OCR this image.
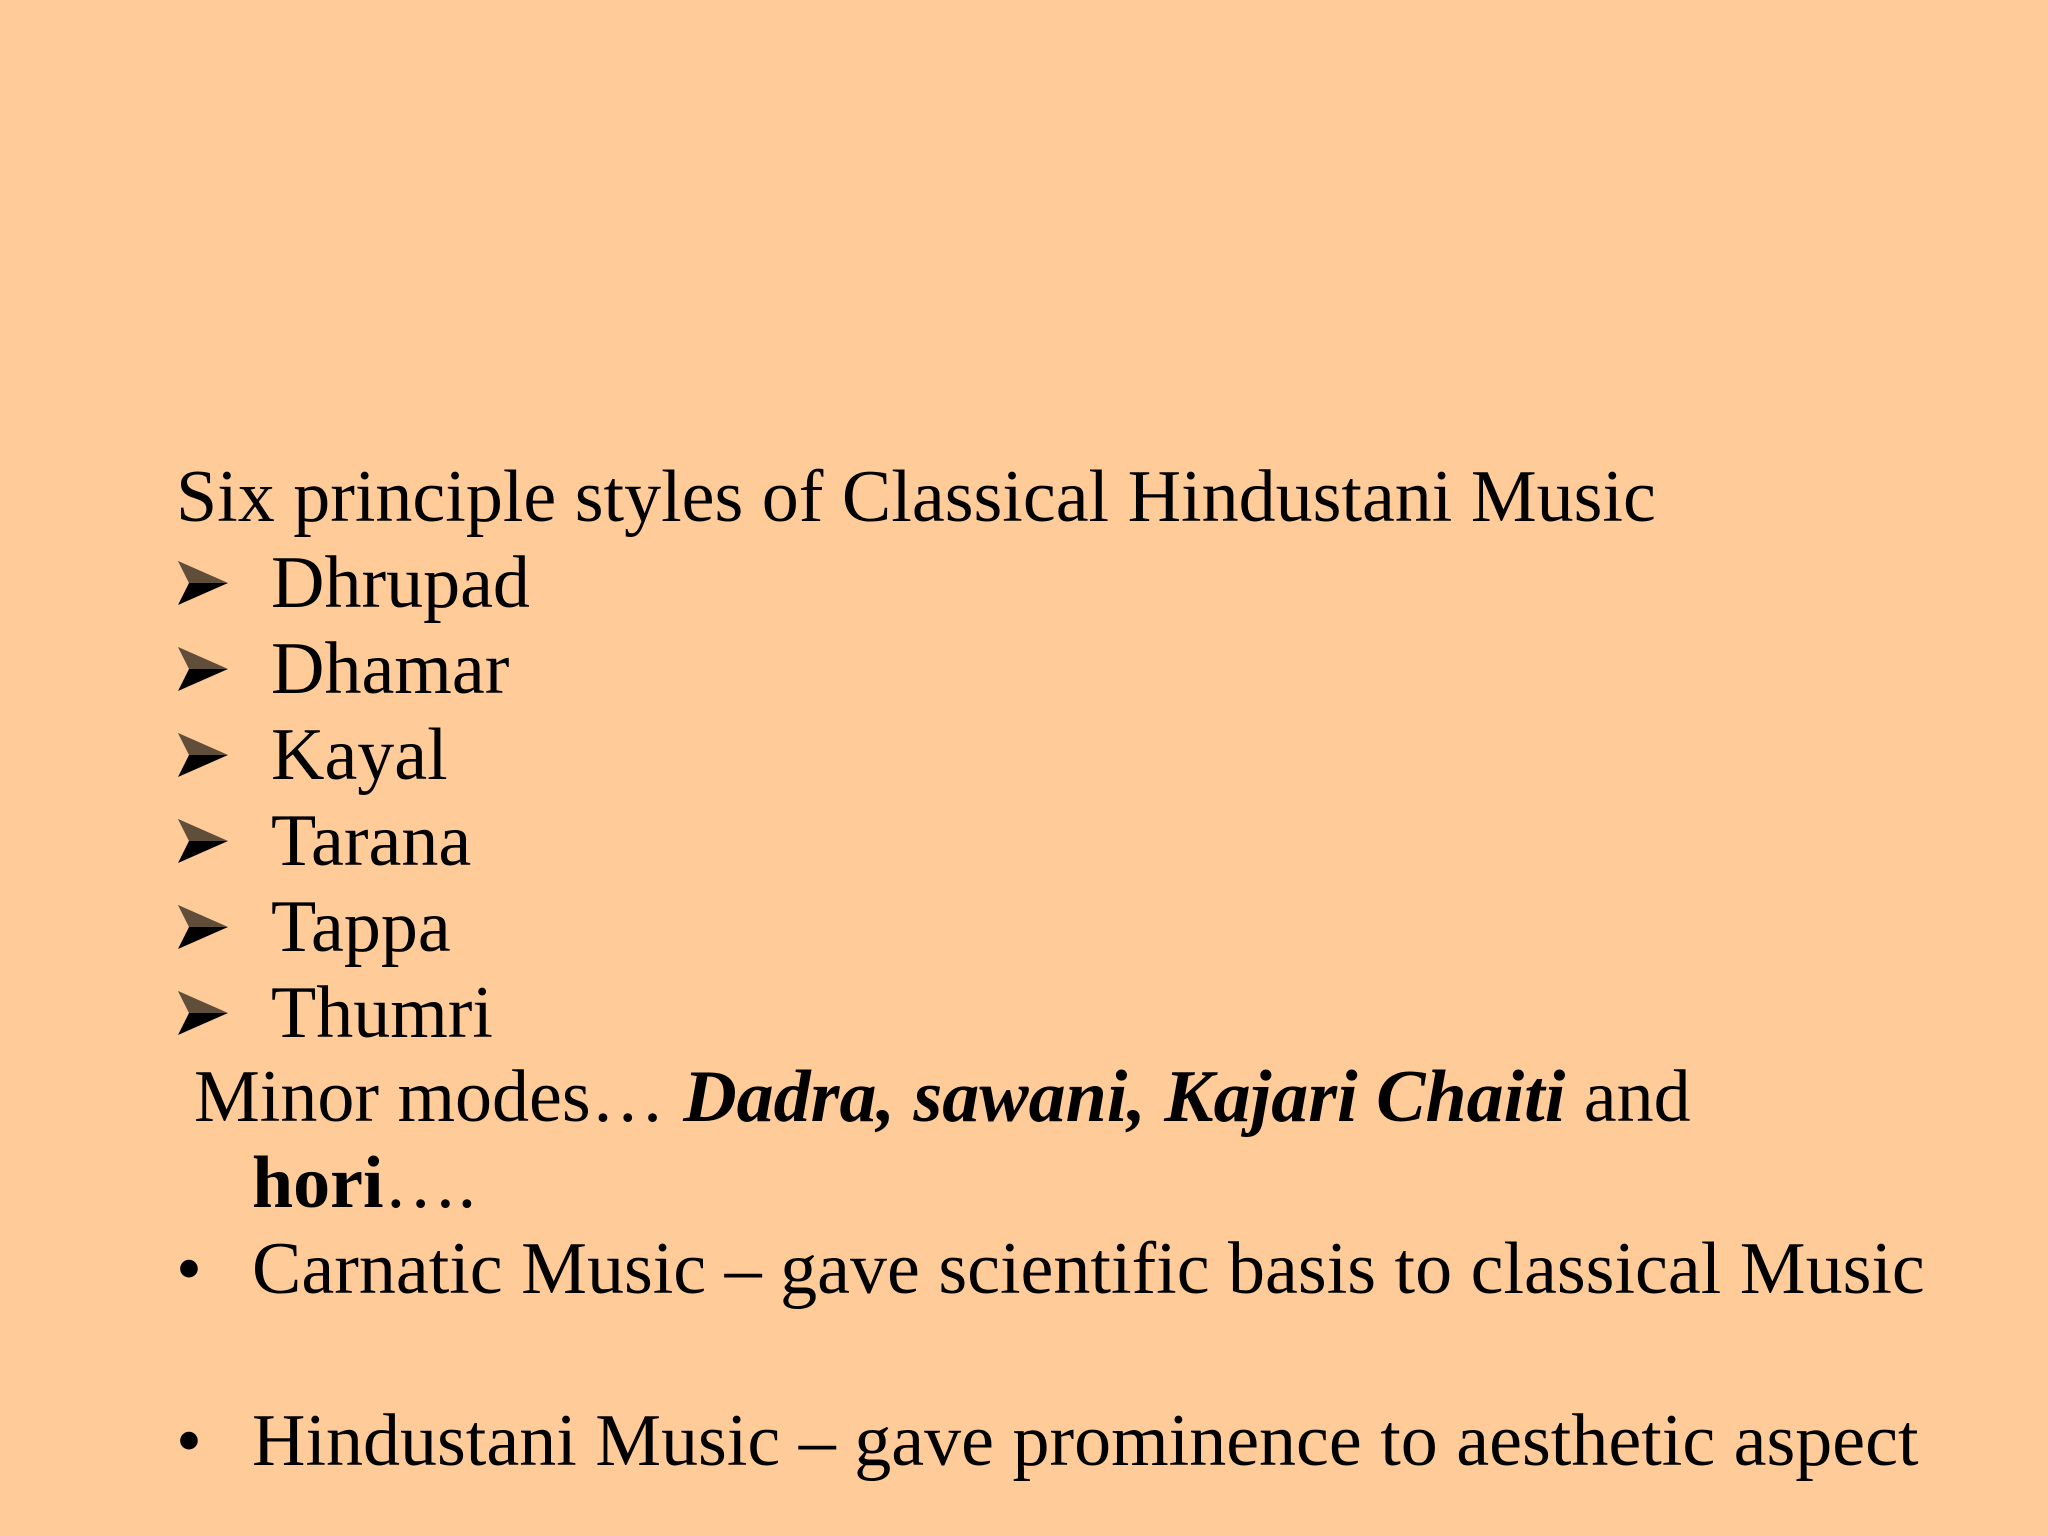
Six principle styles of Classical Hindustani Music
Dhrupad
Dhamar
Kayal
Tarana
Tappa
Thumri
Minor modes… Dadra, sawani, Kajari Chaiti and
hori….
• Carnatic Music – gave scientific basis to classical Music
• Hindustani Music – gave prominence to aesthetic aspect
